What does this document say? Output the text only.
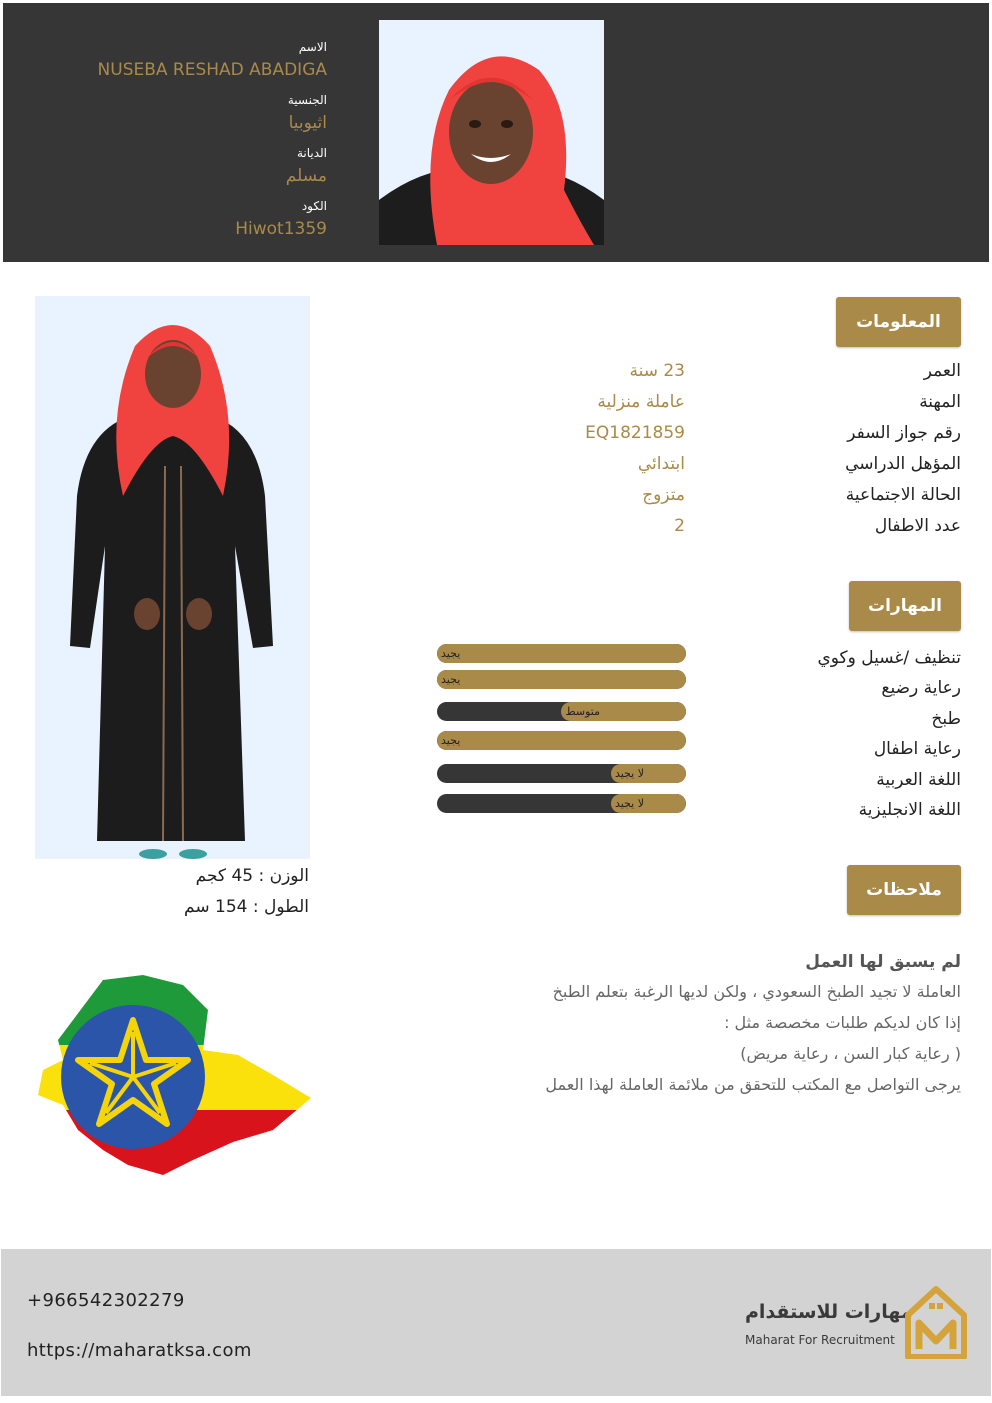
الاسم
NUSEBA RESHAD ABADIGA
الجنسية
اثيوبيا
الديانة
مسلم
الكود
Hiwot1359
المعلومات
العمر
23 سنة
المهنة
عاملة منزلية
رقم جواز السفر
EQ1821859
المؤهل الدراسي
ابتدائي
الحالة الاجتماعية
متزوج
عدد الاطفال
2
المهارات
تنظيف /غسيل وكوي
رعاية رضيع
طبخ
رعاية اطفال
اللغة العربية
اللغة الانجليزية
يجيد
يجيد
متوسط
يجيد
لا يجيد
لا يجيد
ملاحظات
لم يسبق لها العمل
العاملة لا تجيد الطبخ السعودي ، ولكن لديها الرغبة بتعلم الطبخ
إذا كان لديكم طلبات مخصصة مثل :
( رعاية كبار السن ، رعاية مريض)
يرجى التواصل مع المكتب للتحقق من ملائمة العاملة لهذا العمل
الوزن : 45 كجم
الطول : 154 سم
+966542302279
https://maharatksa.com
مهارات للاستقدام
Maharat For Recruitment
